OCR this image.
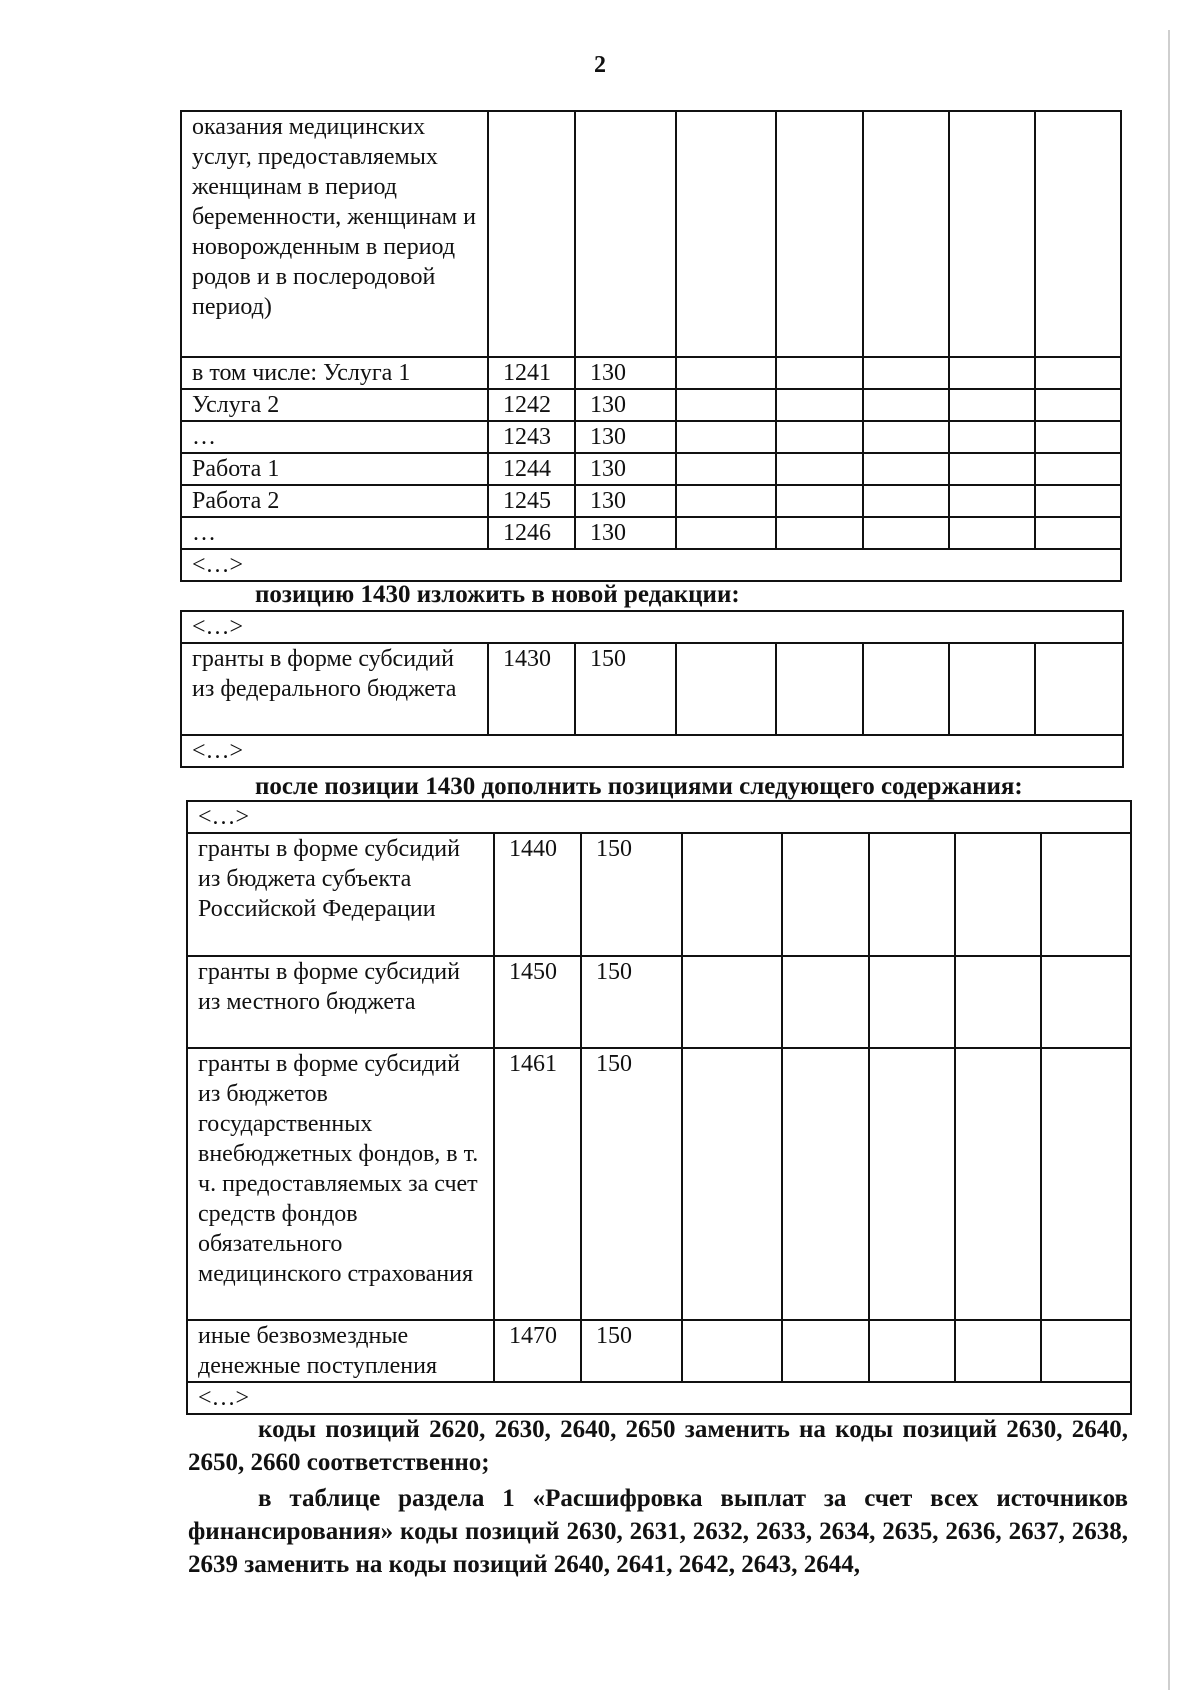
2
оказания медицинских услуг, предоставляемых женщинам в период беременности, женщинам и новорожденным в период родов и в послеродовой период)							
в том числе: Услуга 1	1241	130					
Услуга 2	1242	130					
…	1243	130					
Работа 1	1244	130					
Работа 2	1245	130					
…	1246	130					
<…>							
позицию 1430 изложить в новой редакции:
<…>
гранты в форме субсидий из федерального бюджета	1430	150					
<…>
после позиции 1430 дополнить позициями следующего содержания:
<…>							
гранты в форме субсидий из бюджета субъекта Российской Федерации	1440	150					
гранты в форме субсидий из местного бюджета	1450	150					
гранты в форме субсидий из бюджетов государственных внебюджетных фондов, в т. ч. предоставляемых за счет средств фондов обязательного медицинского страхования	1461	150					
иные безвозмездные денежные поступления	1470	150					
<…>							
коды позиций 2620, 2630, 2640, 2650 заменить на коды позиций 2630, 2640, 2650, 2660 соответственно;
в таблице раздела 1 «Расшифровка выплат за счет всех источников финансирования» коды позиций 2630, 2631, 2632, 2633, 2634, 2635, 2636, 2637, 2638, 2639 заменить на коды позиций 2640, 2641, 2642, 2643, 2644,
